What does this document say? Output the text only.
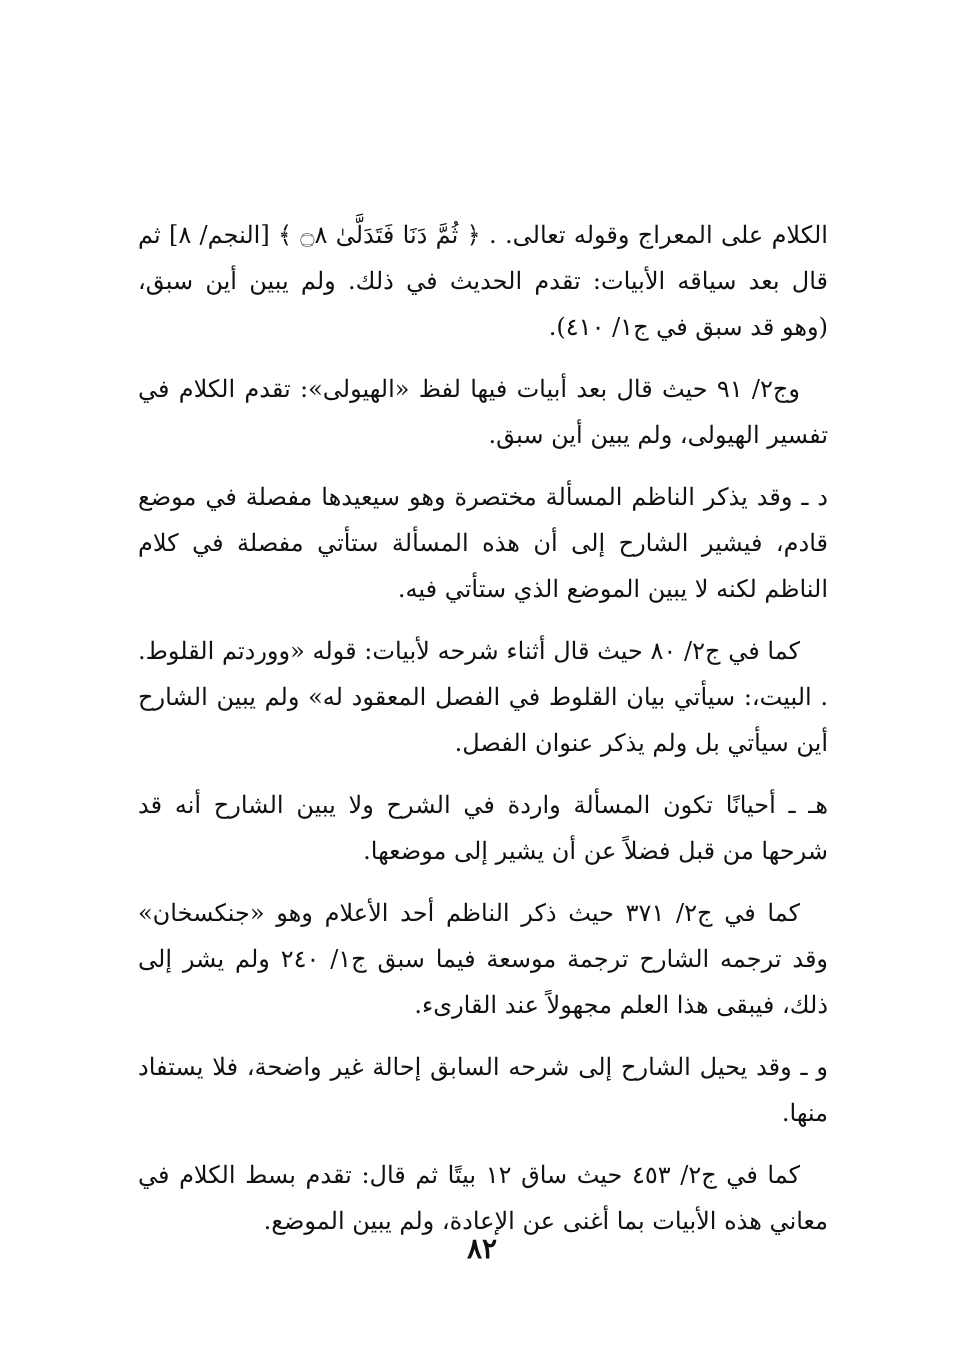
الكلام على المعراج وقوله تعالى. . ﴿ ثُمَّ دَنَا فَتَدَلَّىٰ ۝٨ ﴾ [النجم/ ٨] ثم قال بعد سياقه الأبيات: تقدم الحديث في ذلك. ولم يبين أين سبق، (وهو قد سبق في ج١/ ٤١٠).

وج٢/ ٩١ حيث قال بعد أبيات فيها لفظ «الهيولى»: تقدم الكلام في تفسير الهيولى، ولم يبين أين سبق.

د ـ وقد يذكر الناظم المسألة مختصرة وهو سيعيدها مفصلة في موضع قادم، فيشير الشارح إلى أن هذه المسألة ستأتي مفصلة في كلام الناظم لكنه لا يبين الموضع الذي ستأتي فيه.

كما في ج٢/ ٨٠ حيث قال أثناء شرحه لأبيات: قوله «ووردتم القلوط. . البيت،: سيأتي بيان القلوط في الفصل المعقود له» ولم يبين الشارح أين سيأتي بل ولم يذكر عنوان الفصل.

هـ ـ أحيانًا تكون المسألة واردة في الشرح ولا يبين الشارح أنه قد شرحها من قبل فضلاً عن أن يشير إلى موضعها.

كما في ج٢/ ٣٧١ حيث ذكر الناظم أحد الأعلام وهو «جنكسخان» وقد ترجمه الشارح ترجمة موسعة فيما سبق ج١/ ٢٤٠ ولم يشر إلى ذلك، فيبقى هذا العلم مجهولاً عند القارىء.

و ـ وقد يحيل الشارح إلى شرحه السابق إحالة غير واضحة، فلا يستفاد منها.

كما في ج٢/ ٤٥٣ حيث ساق ١٢ بيتًا ثم قال: تقدم بسط الكلام في معاني هذه الأبيات بما أغنى عن الإعادة، ولم يبين الموضع.

٨٢
